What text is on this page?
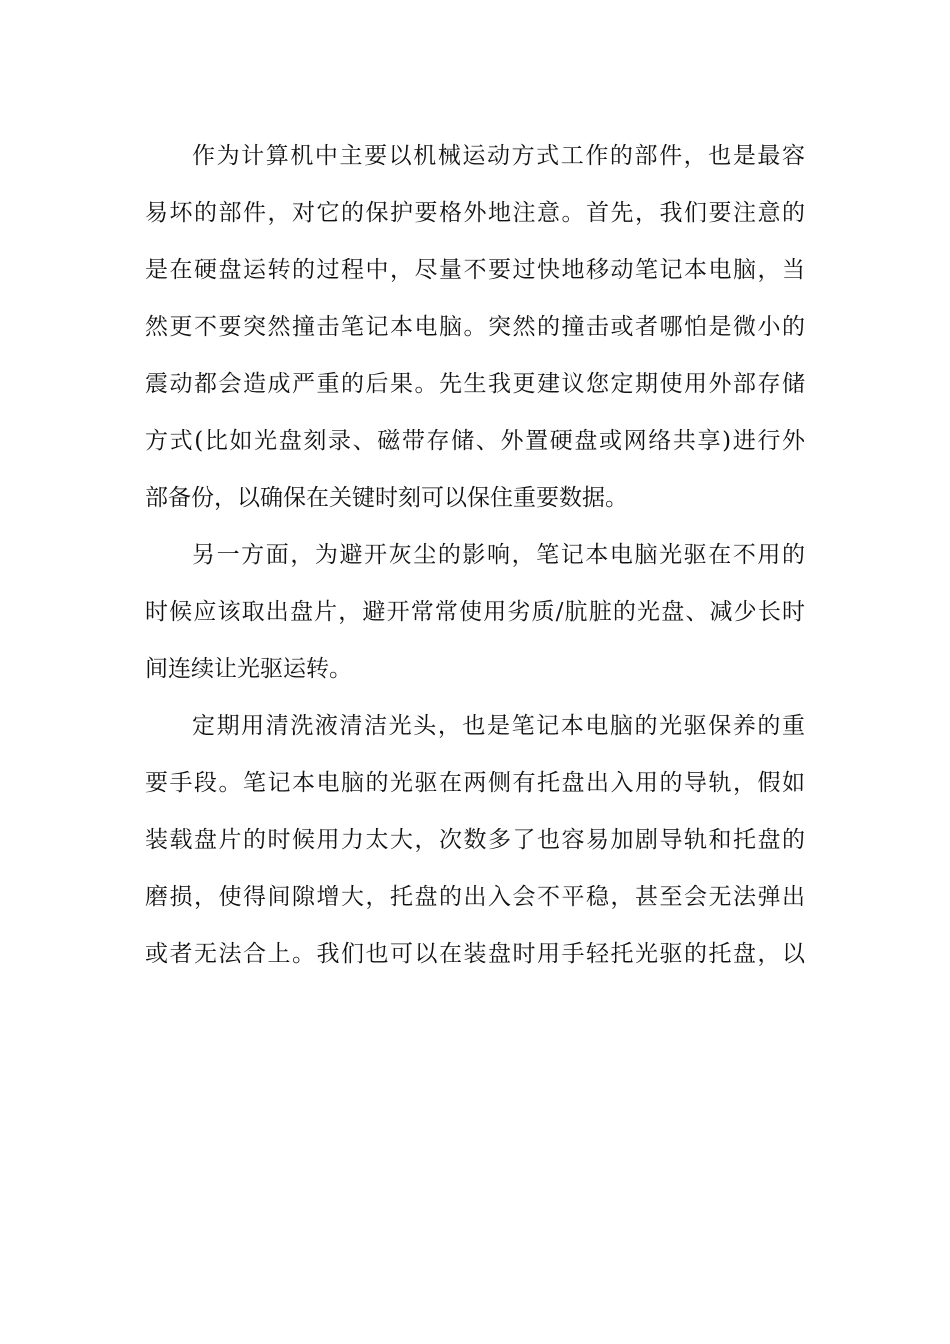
作为计算机中主要以机械运动方式工作的部件，也是最容
易坏的部件，对它的保护要格外地注意。首先，我们要注意的
是在硬盘运转的过程中，尽量不要过快地移动笔记本电脑，当
然更不要突然撞击笔记本电脑。突然的撞击或者哪怕是微小的
震动都会造成严重的后果。先生我更建议您定期使用外部存储
方式(比如光盘刻录、磁带存储、外置硬盘或网络共享)进行外
部备份，以确保在关键时刻可以保住重要数据。
另一方面，为避开灰尘的影响，笔记本电脑光驱在不用的
时候应该取出盘片，避开常常使用劣质/肮脏的光盘、减少长时
间连续让光驱运转。
定期用清洗液清洁光头，也是笔记本电脑的光驱保养的重
要手段。笔记本电脑的光驱在两侧有托盘出入用的导轨，假如
装载盘片的时候用力太大，次数多了也容易加剧导轨和托盘的
磨损，使得间隙增大，托盘的出入会不平稳，甚至会无法弹出
或者无法合上。我们也可以在装盘时用手轻托光驱的托盘，以
